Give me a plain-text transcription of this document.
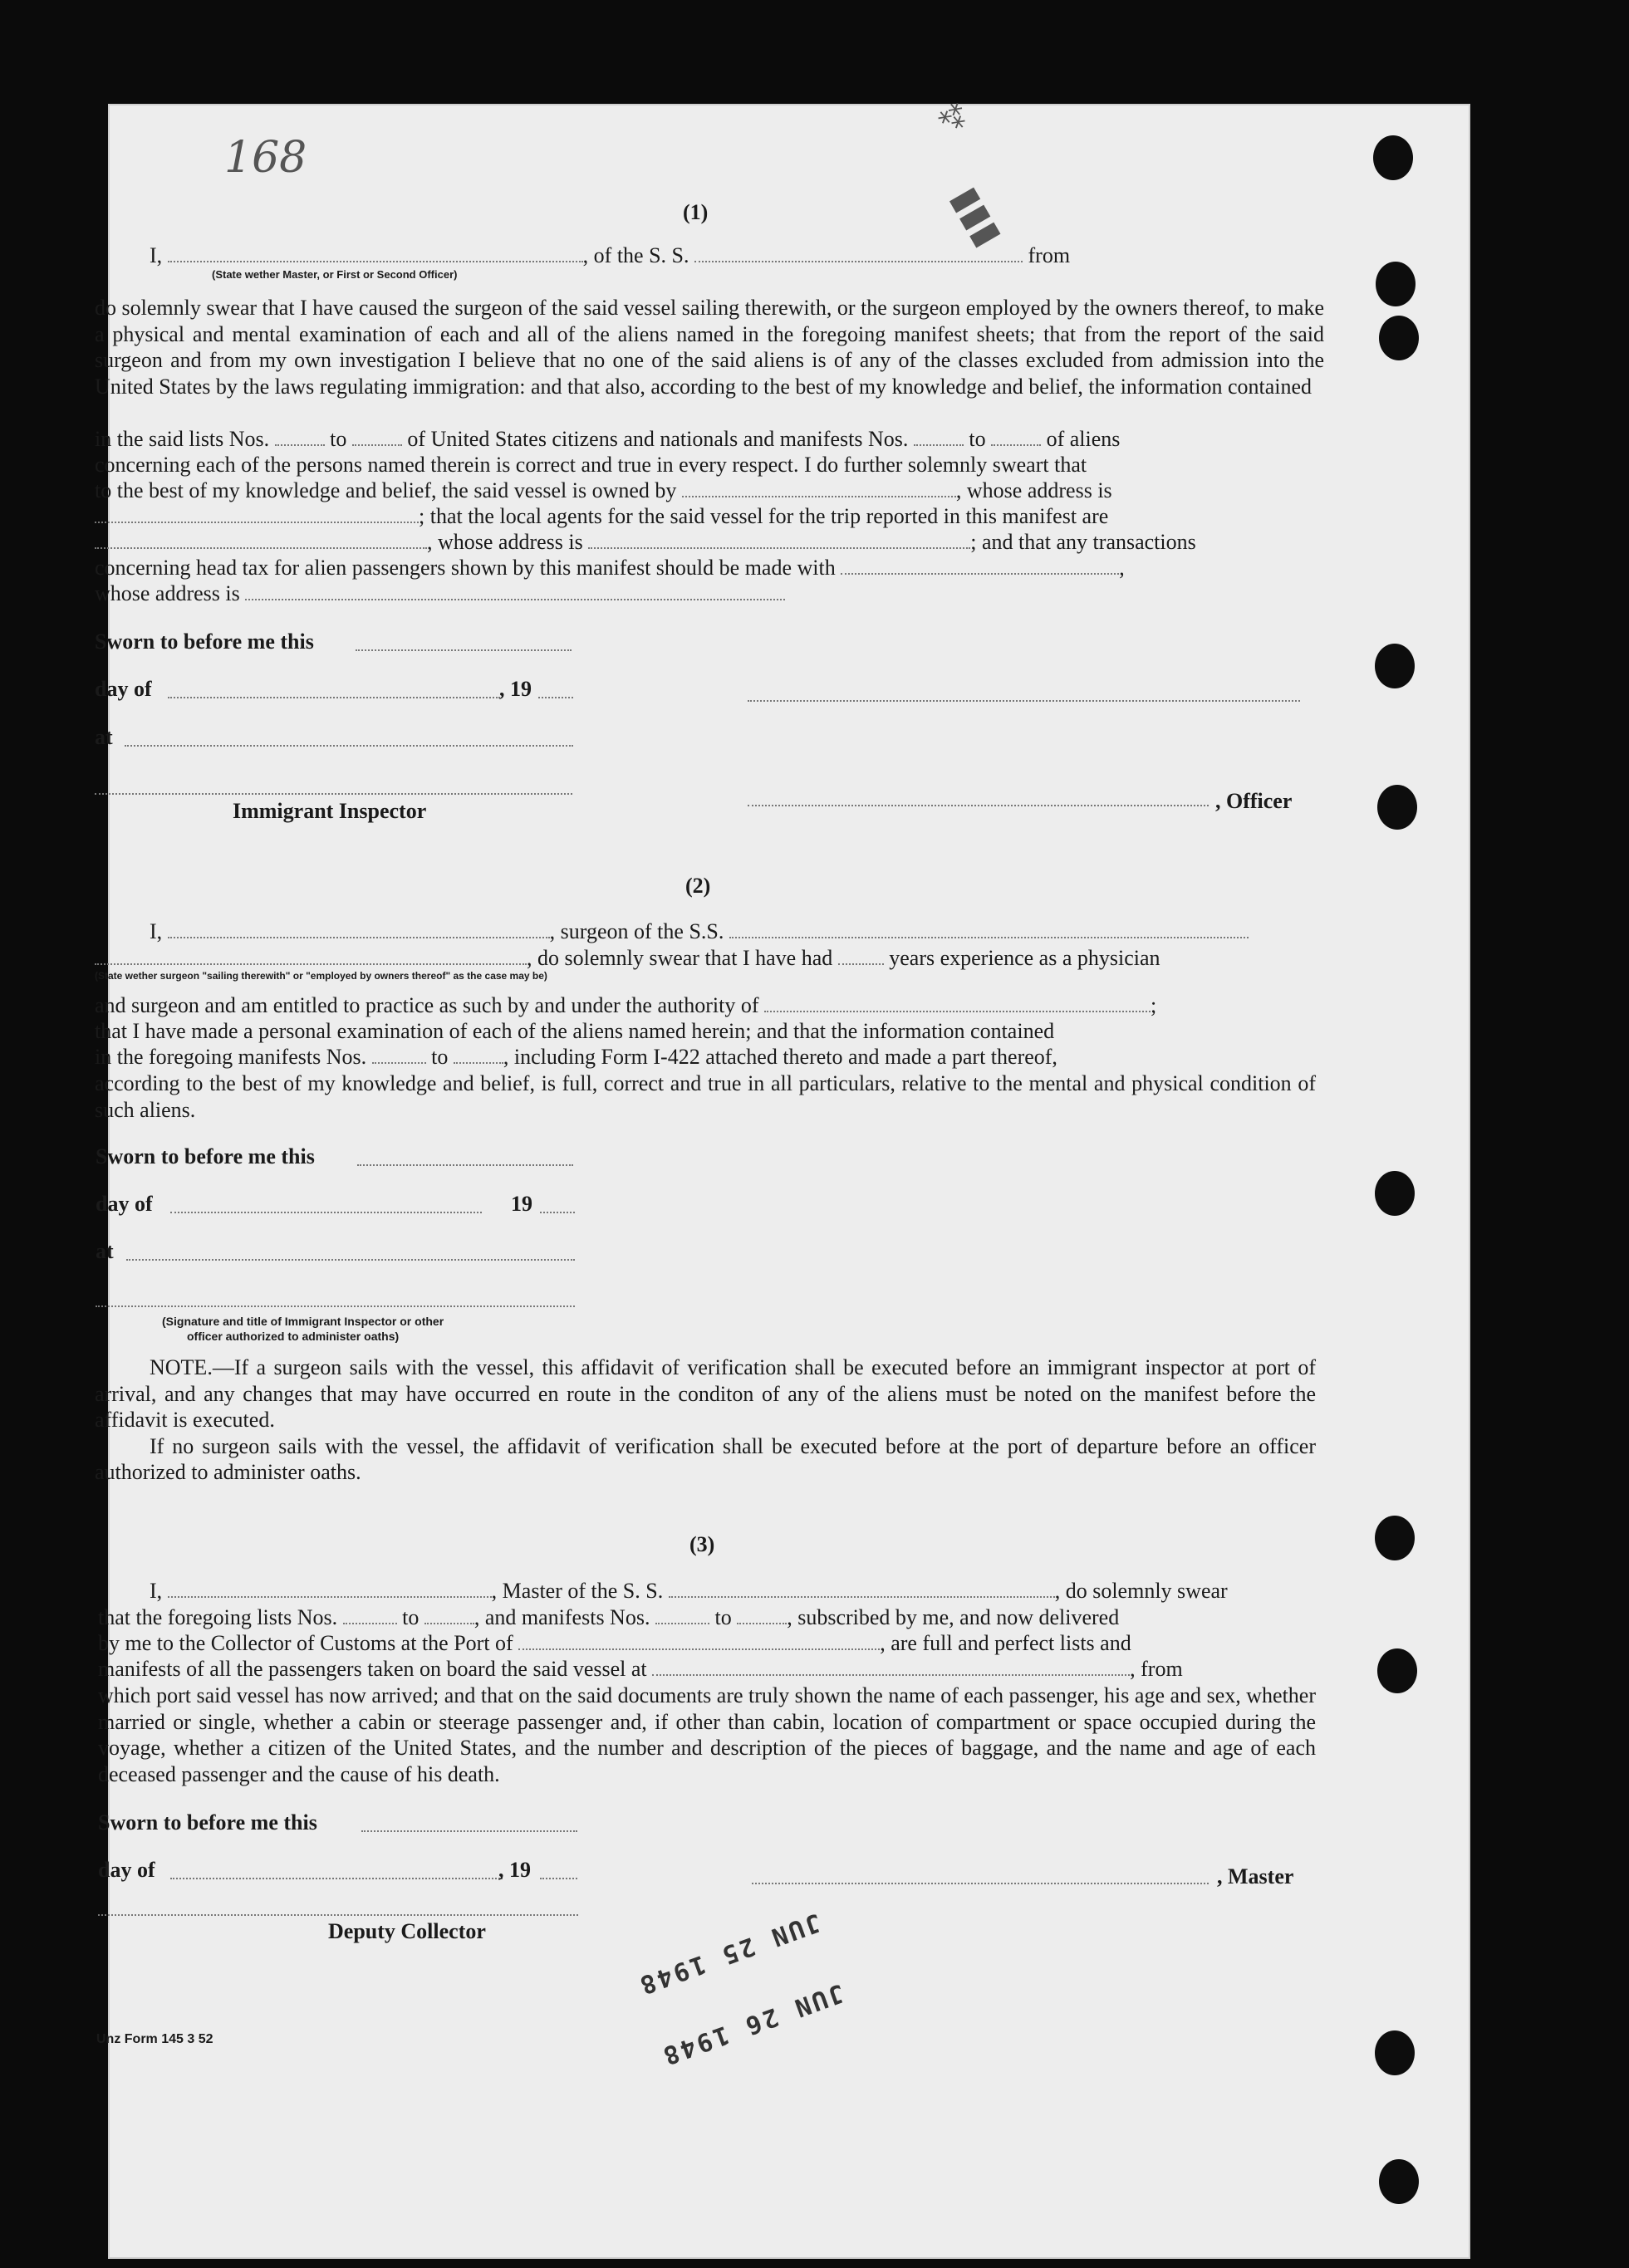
168
⁂
▮▮▮
(1)
I,	, of the S. S.	from
(State wether Master, or First or Second Officer)

do solemnly swear that I have caused the surgeon of the said vessel sailing therewith, or the surgeon employed by the owners thereof, to make a physical and mental examination of each and all of the aliens named in the foregoing manifest sheets; that from the report of the said surgeon and from my own investigation I believe that no one of the said aliens is of any of the classes excluded from admission into the United States by the laws regulating immigration: and that also, according to the best of my knowledge and belief, the information contained

in the said lists Nos.	to	of United States citizens and nationals and manifests Nos.	to	of aliens
concerning each of the persons named therein is correct and true in every respect. I do further solemnly sweart that
to the best of my knowledge and belief, the said vessel is owned by	, whose address is
; that the local agents for the said vessel for the trip reported in this manifest are
, whose address is	; and that any transactions
concerning head tax for alien passengers shown by this manifest should be made with	,
whose address is
Sworn to before me this
day of	, 19
at
, Officer
Immigrant Inspector
(2)
I,	, surgeon of the S.S.
, do solemnly swear that I have had	years experience as a physician
(State wether surgeon "sailing therewith" or "employed by owners thereof" as the case may be)
and surgeon and am entitled to practice as such by and under the authority of	;
that I have made a personal examination of each of the aliens named herein; and that the information contained
in the foregoing manifests Nos.	to	, including Form I-422 attached thereto and made a part thereof,

according to the best of my knowledge and belief, is full, correct and true in all particulars, relative to the mental and physical condition of such aliens.

Sworn to before me this
day of	19
at
(Signature and title of Immigrant Inspector or other
officer authorized to administer oaths)

NOTE.—If a surgeon sails with the vessel, this affidavit of verification shall be executed before an immigrant inspector at port of arrival, and any changes that may have occurred en route in the conditon of any of the aliens must be noted on the manifest before the affidavit is executed.

If no surgeon sails with the vessel, the affidavit of verification shall be executed before at the port of departure before an officer authorized to administer oaths.

(3)
I,	, Master of the S. S.	, do solemnly swear
that the foregoing lists Nos.	to	, and manifests Nos.	to	, subscribed by me, and now delivered
by me to the Collector of Customs at the Port of	, are full and perfect lists and
manifests of all the passengers taken on board the said vessel at	, from

which port said vessel has now arrived; and that on the said documents are truly shown the name of each passenger, his age and sex, whether married or single, whether a cabin or steerage passenger and, if other than cabin, location of compartment or space occupied during the voyage, whether a citizen of the United States, and the number and description of the pieces of baggage, and the name and age of each deceased passenger and the cause of his death.

Sworn to before me this
day of	, 19	, Master
Deputy Collector	JUN 25 1948
JUN 26 1948
Unz Form 145 3 52
